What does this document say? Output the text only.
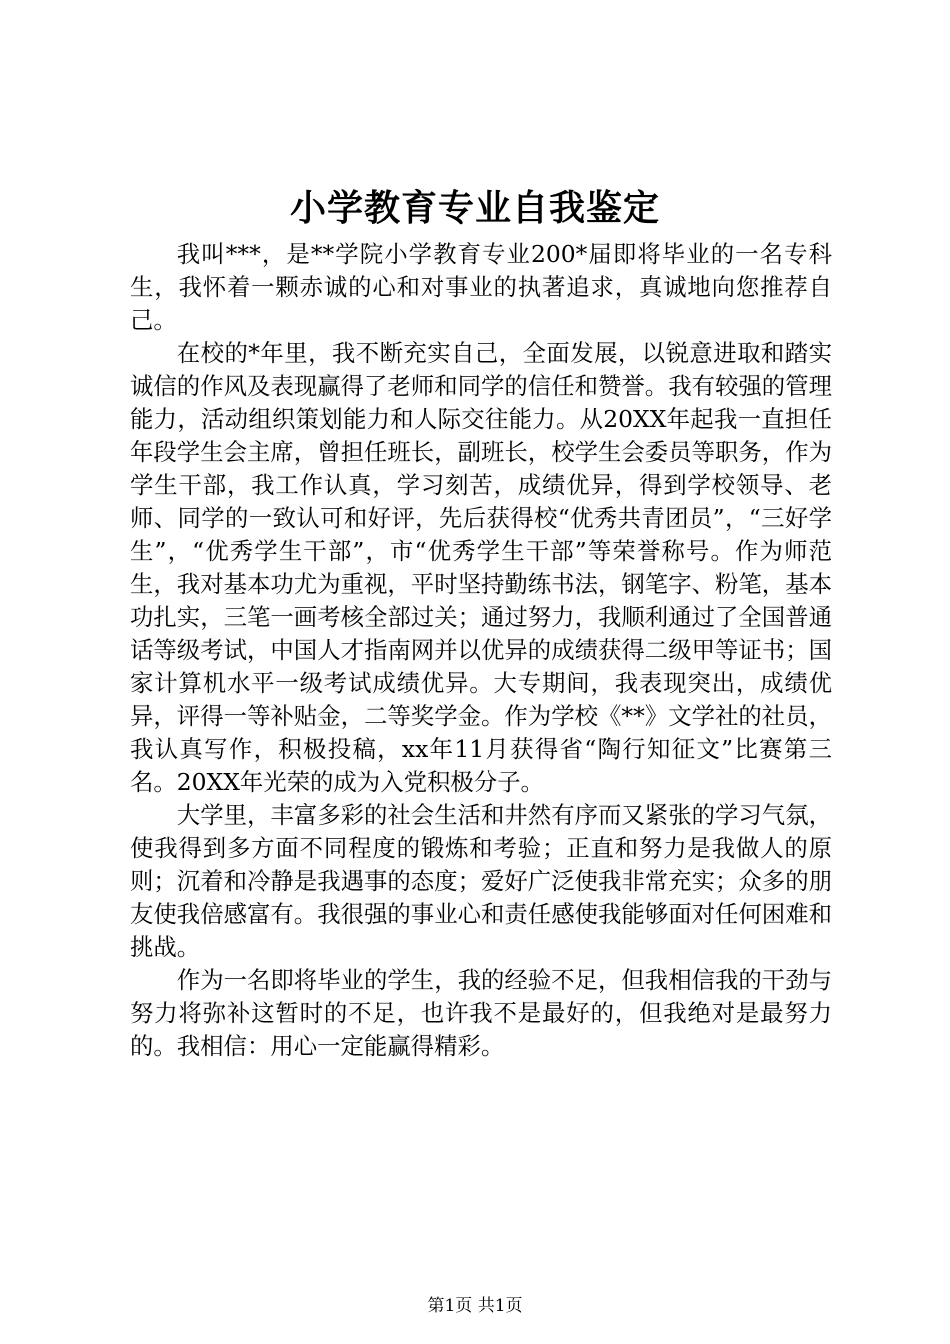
小学教育专业自我鉴定

我叫***，是**学院小学教育专业200*届即将毕业的一名专科生，我怀着一颗赤诚的心和对事业的执著追求，真诚地向您推荐自己。

在校的*年里，我不断充实自己，全面发展，以锐意进取和踏实诚信的作风及表现赢得了老师和同学的信任和赞誉。我有较强的管理能力，活动组织策划能力和人际交往能力。从20XX年起我一直担任年段学生会主席，曾担任班长，副班长，校学生会委员等职务，作为学生干部，我工作认真，学习刻苦，成绩优异，得到学校领导、老师、同学的一致认可和好评，先后获得校“优秀共青团员”，“三好学生”，“优秀学生干部”，市“优秀学生干部”等荣誉称号。作为师范生，我对基本功尤为重视，平时坚持勤练书法，钢笔字、粉笔，基本功扎实，三笔一画考核全部过关；通过努力，我顺利通过了全国普通话等级考试，中国人才指南网并以优异的成绩获得二级甲等证书；国家计算机水平一级考试成绩优异。大专期间，我表现突出，成绩优异，评得一等补贴金，二等奖学金。作为学校《**》文学社的社员，我认真写作，积极投稿，xx年11月获得省“陶行知征文”比赛第三名。20XX年光荣的成为入党积极分子。

大学里，丰富多彩的社会生活和井然有序而又紧张的学习气氛，使我得到多方面不同程度的锻炼和考验；正直和努力是我做人的原则；沉着和冷静是我遇事的态度；爱好广泛使我非常充实；众多的朋友使我倍感富有。我很强的事业心和责任感使我能够面对任何困难和挑战。

作为一名即将毕业的学生，我的经验不足，但我相信我的干劲与努力将弥补这暂时的不足，也许我不是最好的，但我绝对是最努力的。我相信：用心一定能赢得精彩。

第1页 共1页
